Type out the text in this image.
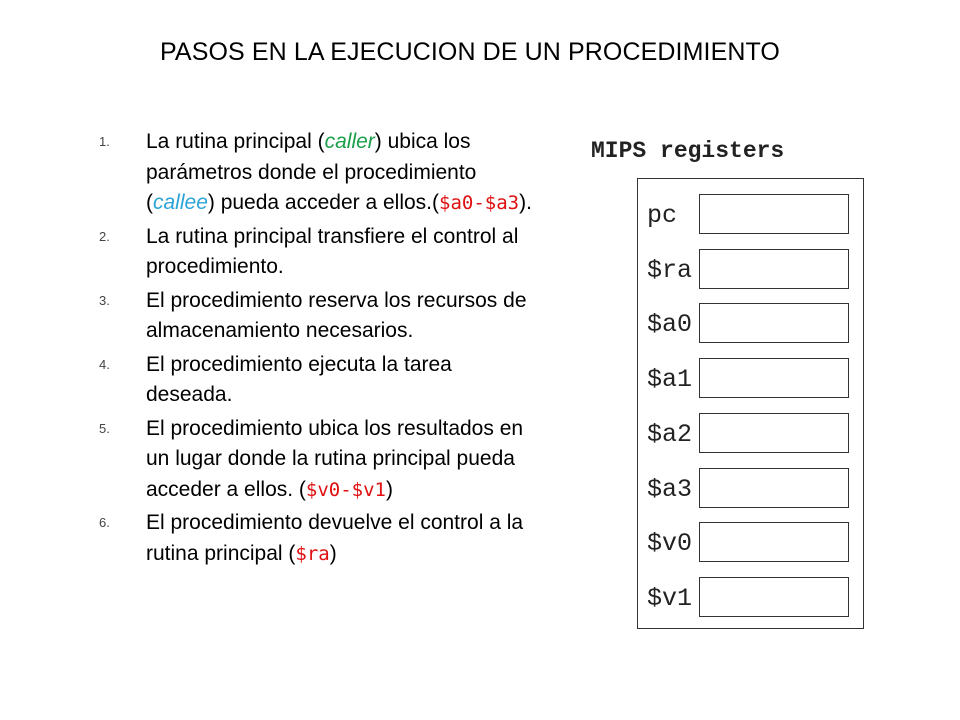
PASOS EN LA EJECUCION DE UN PROCEDIMIENTO
1. La rutina principal (caller) ubica los parámetros donde el procedimiento (callee) pueda acceder a ellos.($a0-$a3).
2. La rutina principal transfiere el control al procedimiento.
3. El procedimiento reserva los recursos de almacenamiento necesarios.
4. El procedimiento ejecuta la tarea deseada.
5. El procedimiento ubica los resultados en un lugar donde la rutina principal pueda acceder a ellos. ($v0-$v1)
6. El procedimiento devuelve el control a la rutina principal ($ra)
MIPS registers
pc
$ra
$a0
$a1
$a2
$a3
$v0
$v1
